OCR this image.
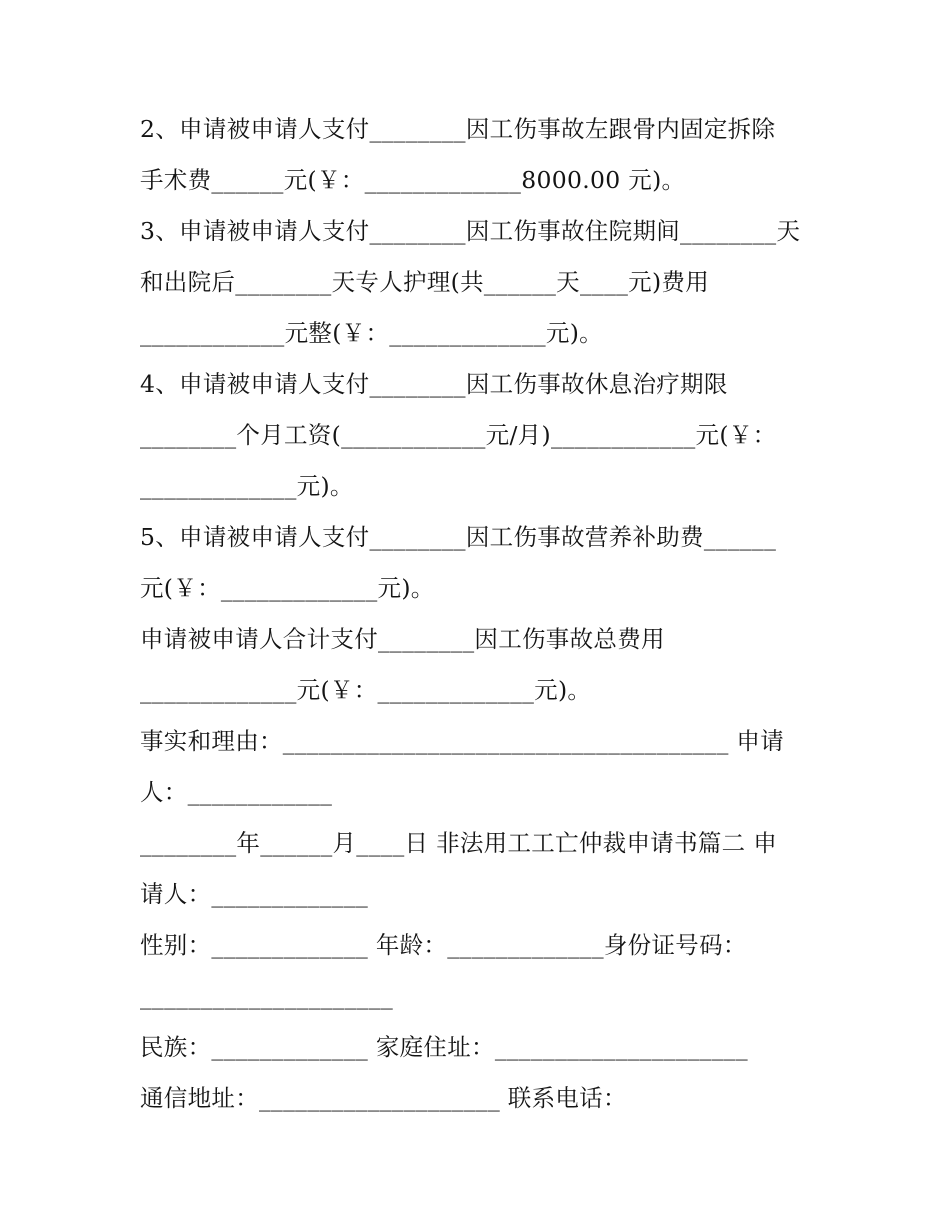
2、申请被申请人支付________因工伤事故左跟骨内固定拆除
手术费______元(￥：_____________8000.00 元)。
3、申请被申请人支付________因工伤事故住院期间________天
和出院后________天专人护理(共______天____元)费用
____________元整(￥：_____________元)。
4、申请被申请人支付________因工伤事故休息治疗期限
________个月工资(____________元/月)____________元(￥：
_____________元)。
5、申请被申请人支付________因工伤事故营养补助费______
元(￥：_____________元)。
申请被申请人合计支付________因工伤事故总费用
_____________元(￥：_____________元)。
事实和理由：_____________________________________ 申请
人：____________
________年______月____日 非法用工工亡仲裁申请书篇二 申
请人：_____________
性别：_____________ 年龄：_____________身份证号码：
_____________________
民族：_____________ 家庭住址：_____________________
通信地址：____________________ 联系电话：
